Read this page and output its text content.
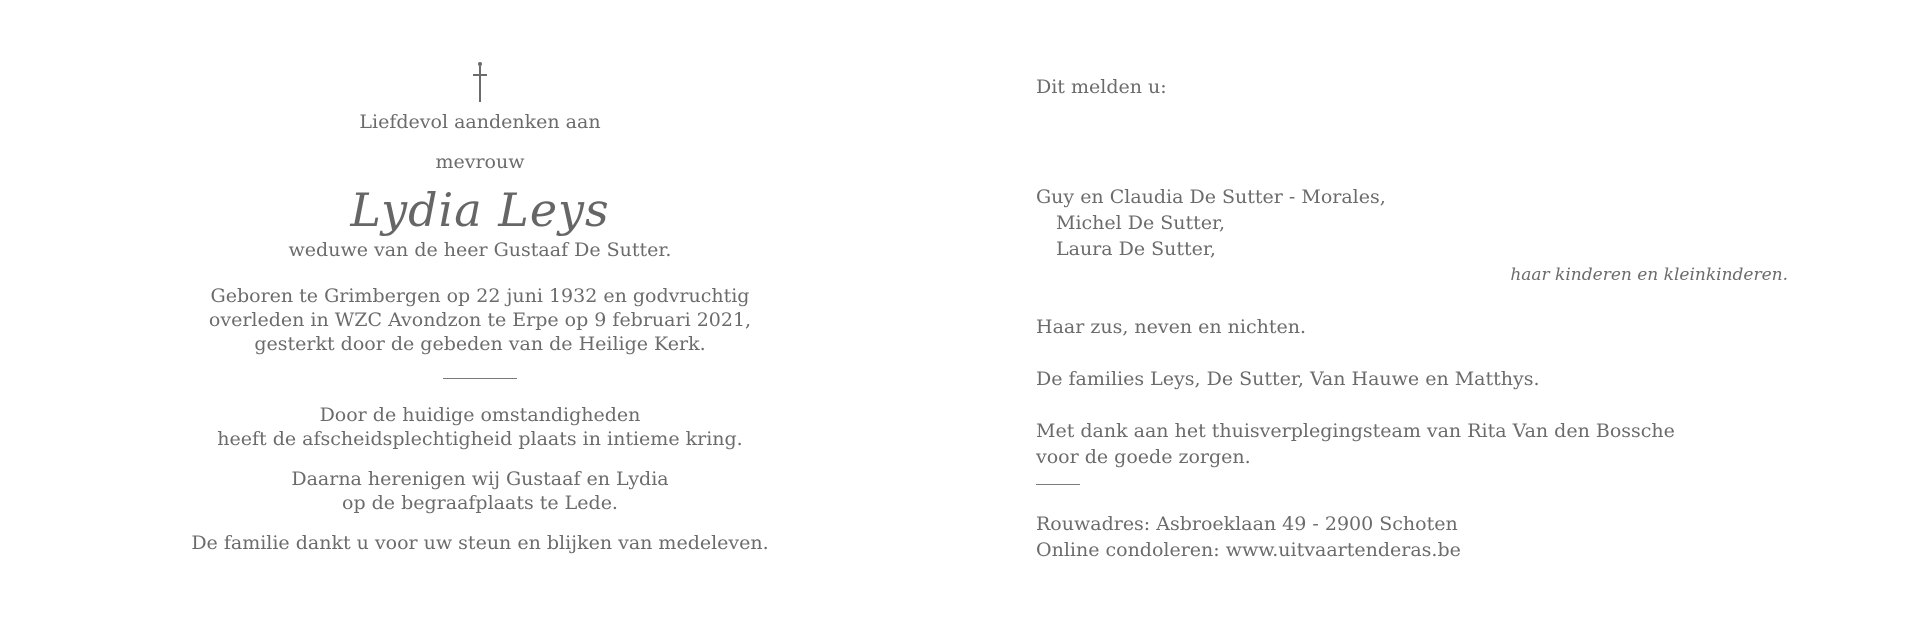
Liefdevol aandenken aan
mevrouw
Lydia Leys
weduwe van de heer Gustaaf De Sutter.
Geboren te Grimbergen op 22 juni 1932 en godvruchtig
overleden in WZC Avondzon te Erpe op 9 februari 2021,
gesterkt door de gebeden van de Heilige Kerk.
Door de huidige omstandigheden
heeft de afscheidsplechtigheid plaats in intieme kring.
Daarna herenigen wij Gustaaf en Lydia
op de begraafplaats te Lede.
De familie dankt u voor uw steun en blijken van medeleven.
Dit melden u:
Guy en Claudia De Sutter - Morales,
Michel De Sutter,
Laura De Sutter,
haar kinderen en kleinkinderen.
Haar zus, neven en nichten.
De families Leys, De Sutter, Van Hauwe en Matthys.
Met dank aan het thuisverplegingsteam van Rita Van den Bossche
voor de goede zorgen.
Rouwadres: Asbroeklaan 49 - 2900 Schoten
Online condoleren: www.uitvaartenderas.be
